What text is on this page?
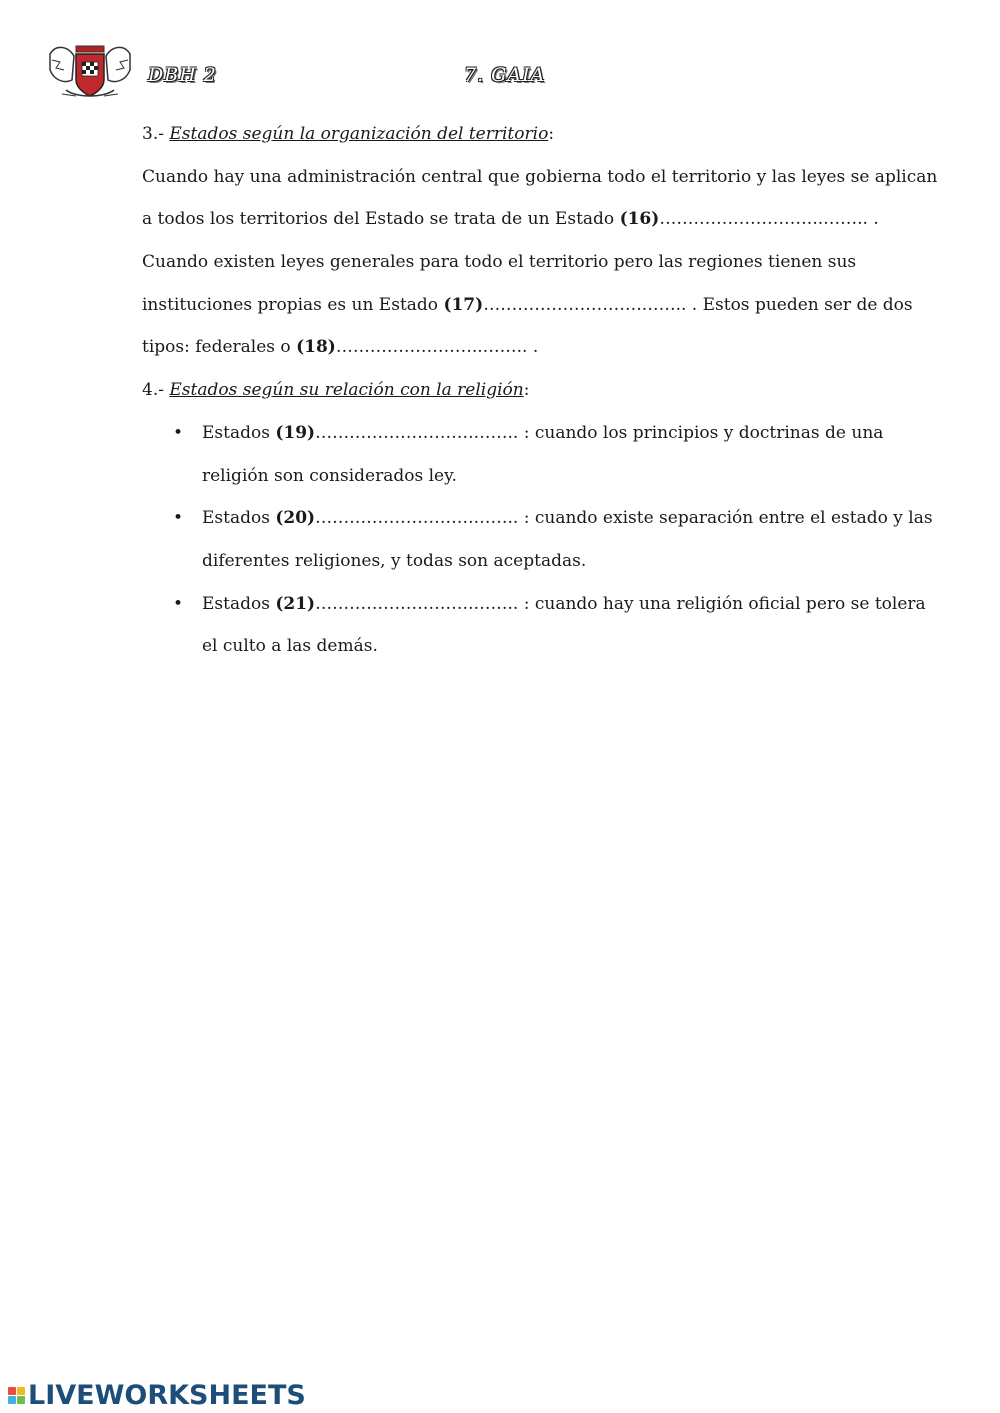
DBH 2	7. GAIA
3.- Estados según la organización del territorio:
Cuando hay una administración central que gobierna todo el territorio y las leyes se aplican
a todos los territorios del Estado se trata de un Estado (16)………………………..…….. .
Cuando existen leyes generales para todo el territorio pero las regiones tienen sus
instituciones propias es un Estado (17)……………………….…….. . Estos pueden ser de dos
tipos: federales o (18)……………………..…….. .
4.- Estados según su relación con la religión:
• Estados (19)……………………….…….. : cuando los principios y doctrinas de una
religión son considerados ley.
• Estados (20)……………………….…….. : cuando existe separación entre el estado y las
diferentes religiones, y todas son aceptadas.
• Estados (21)……………………….…….. : cuando hay una religión oficial pero se tolera
el culto a las demás.
LIVEWORKSHEETS
